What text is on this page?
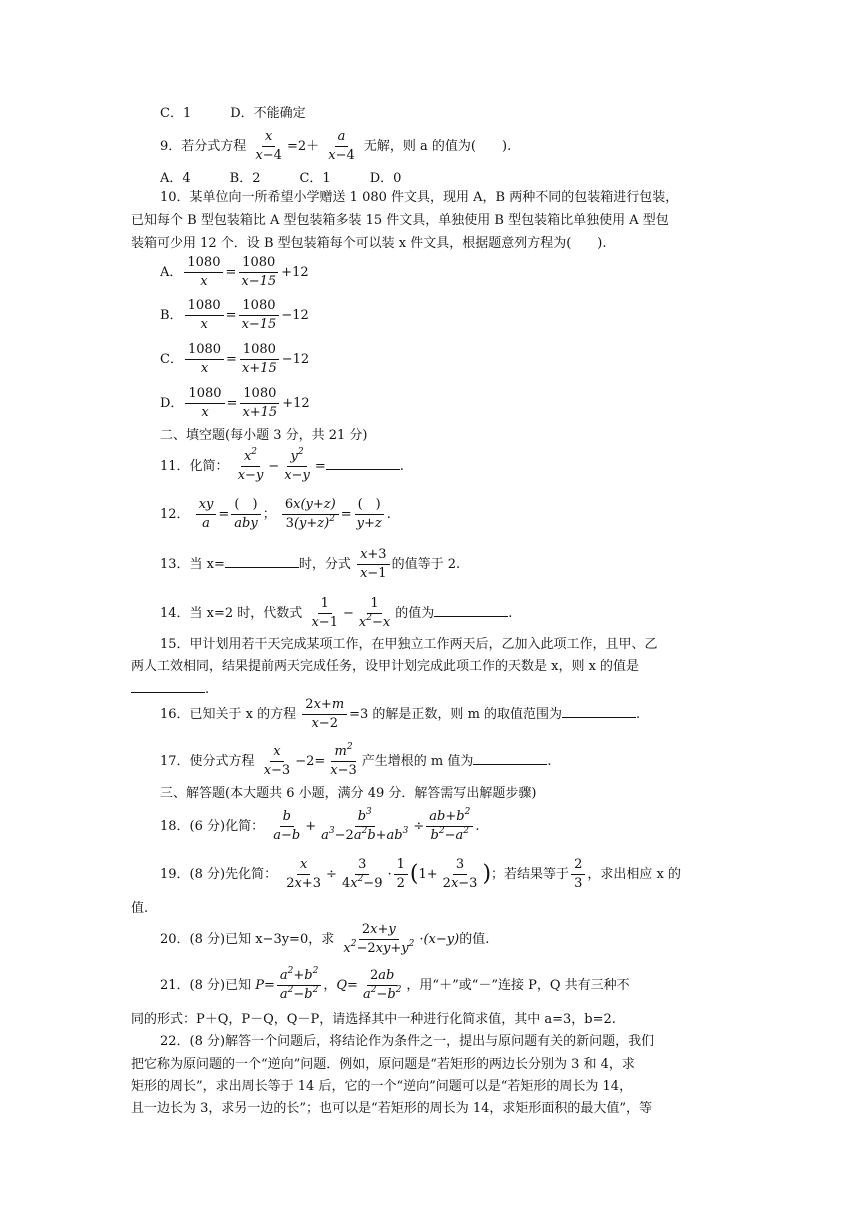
C．1　　　D．不能确定
9．若分式方程 $\frac{x}{x-4} =2+ \frac{a}{x-4}$ 无解，则 a 的值为(　　).
A．4　　　B．2　　　C．1　　　D．0
10．某单位向一所希望小学赠送 1 080 件文具，现用 A，B 两种不同的包装箱进行包装，
已知每个 B 型包装箱比 A 型包装箱多装 15 件文具，单独使用 B 型包装箱比单独使用 A 型包
装箱可少用 12 个．设 B 型包装箱每个可以装 x 件文具，根据题意列方程为(　　).
A． $\frac{1080}{x} = \frac{1080}{x-15} +12$
B． $\frac{1080}{x} = \frac{1080}{x-15} -12$
C． $\frac{1080}{x} = \frac{1080}{x+15} -12$
D． $\frac{1080}{x} = \frac{1080}{x+15} +12$
二、填空题(每小题 3 分，共 21 分)
11．化简： $\frac{x^2}{x-y} - \frac{y^2}{x-y}$ =	.
12． $\frac{xy}{a} = \frac{( )}{\text{aby}}$ ； $\frac{6x(y+z)}{3(y+z)^2} = \frac{( )}{y+z}$ .
13．当 x=	时，分式 $\frac{x+3}{x-1}$ 的值等于 2.
14．当 x=2 时，代数式 $\frac{1}{x-1} - \frac{1}{x^2-x}$ 的值为	.
15．甲计划用若干天完成某项工作，在甲独立工作两天后，乙加入此项工作，且甲、乙
两人工效相同，结果提前两天完成任务，设甲计划完成此项工作的天数是 x，则 x 的值是
.
16．已知关于 x 的方程 $\frac{2x+m}{x-2} =3$ 的解是正数，则 m 的取值范围为	.
17．使分式方程 $\frac{x}{x-3} -2= \frac{m^2}{x-3}$ 产生增根的 m 值为	.
三、解答题(本大题共 6 小题，满分 49 分．解答需写出解题步骤)
18．(6 分)化简： $\frac{b}{a-b} + \frac{b^3}{a^3-2a^2b+ab^3} \div \frac{ab+b^2}{b^2-a^2}$ .
19．(8 分)先化简： $\frac{x}{2x+3} \div \frac{3}{4x^2-9} \cdot \frac{1}{2} (1+ \frac{3}{2x-3}$ )；若结果等于 $\frac{2}{3}$ ，求出相应 x 的
值.
20．(8 分)已知 x−3y=0，求 $\frac{2x+y}{x^2-2xy+y^2} \cdot(x-y)$的值.
21．(8 分)已知 $P= \frac{a^2+b^2}{a^2-b^2}$ ，$Q= \frac{2ab}{a^2-b^2}$ ，用“＋”或“－”连接 P，Q 共有三种不
同的形式：P＋Q，P－Q，Q－P，请选择其中一种进行化简求值，其中 a=3，b=2.
22．(8 分)解答一个问题后，将结论作为条件之一，提出与原问题有关的新问题，我们
把它称为原问题的一个“逆向”问题．例如，原问题是“若矩形的两边长分别为 3 和 4，求
矩形的周长”，求出周长等于 14 后，它的一个“逆向”问题可以是“若矩形的周长为 14，
且一边长为 3，求另一边的长”；也可以是“若矩形的周长为 14，求矩形面积的最大值”，等
